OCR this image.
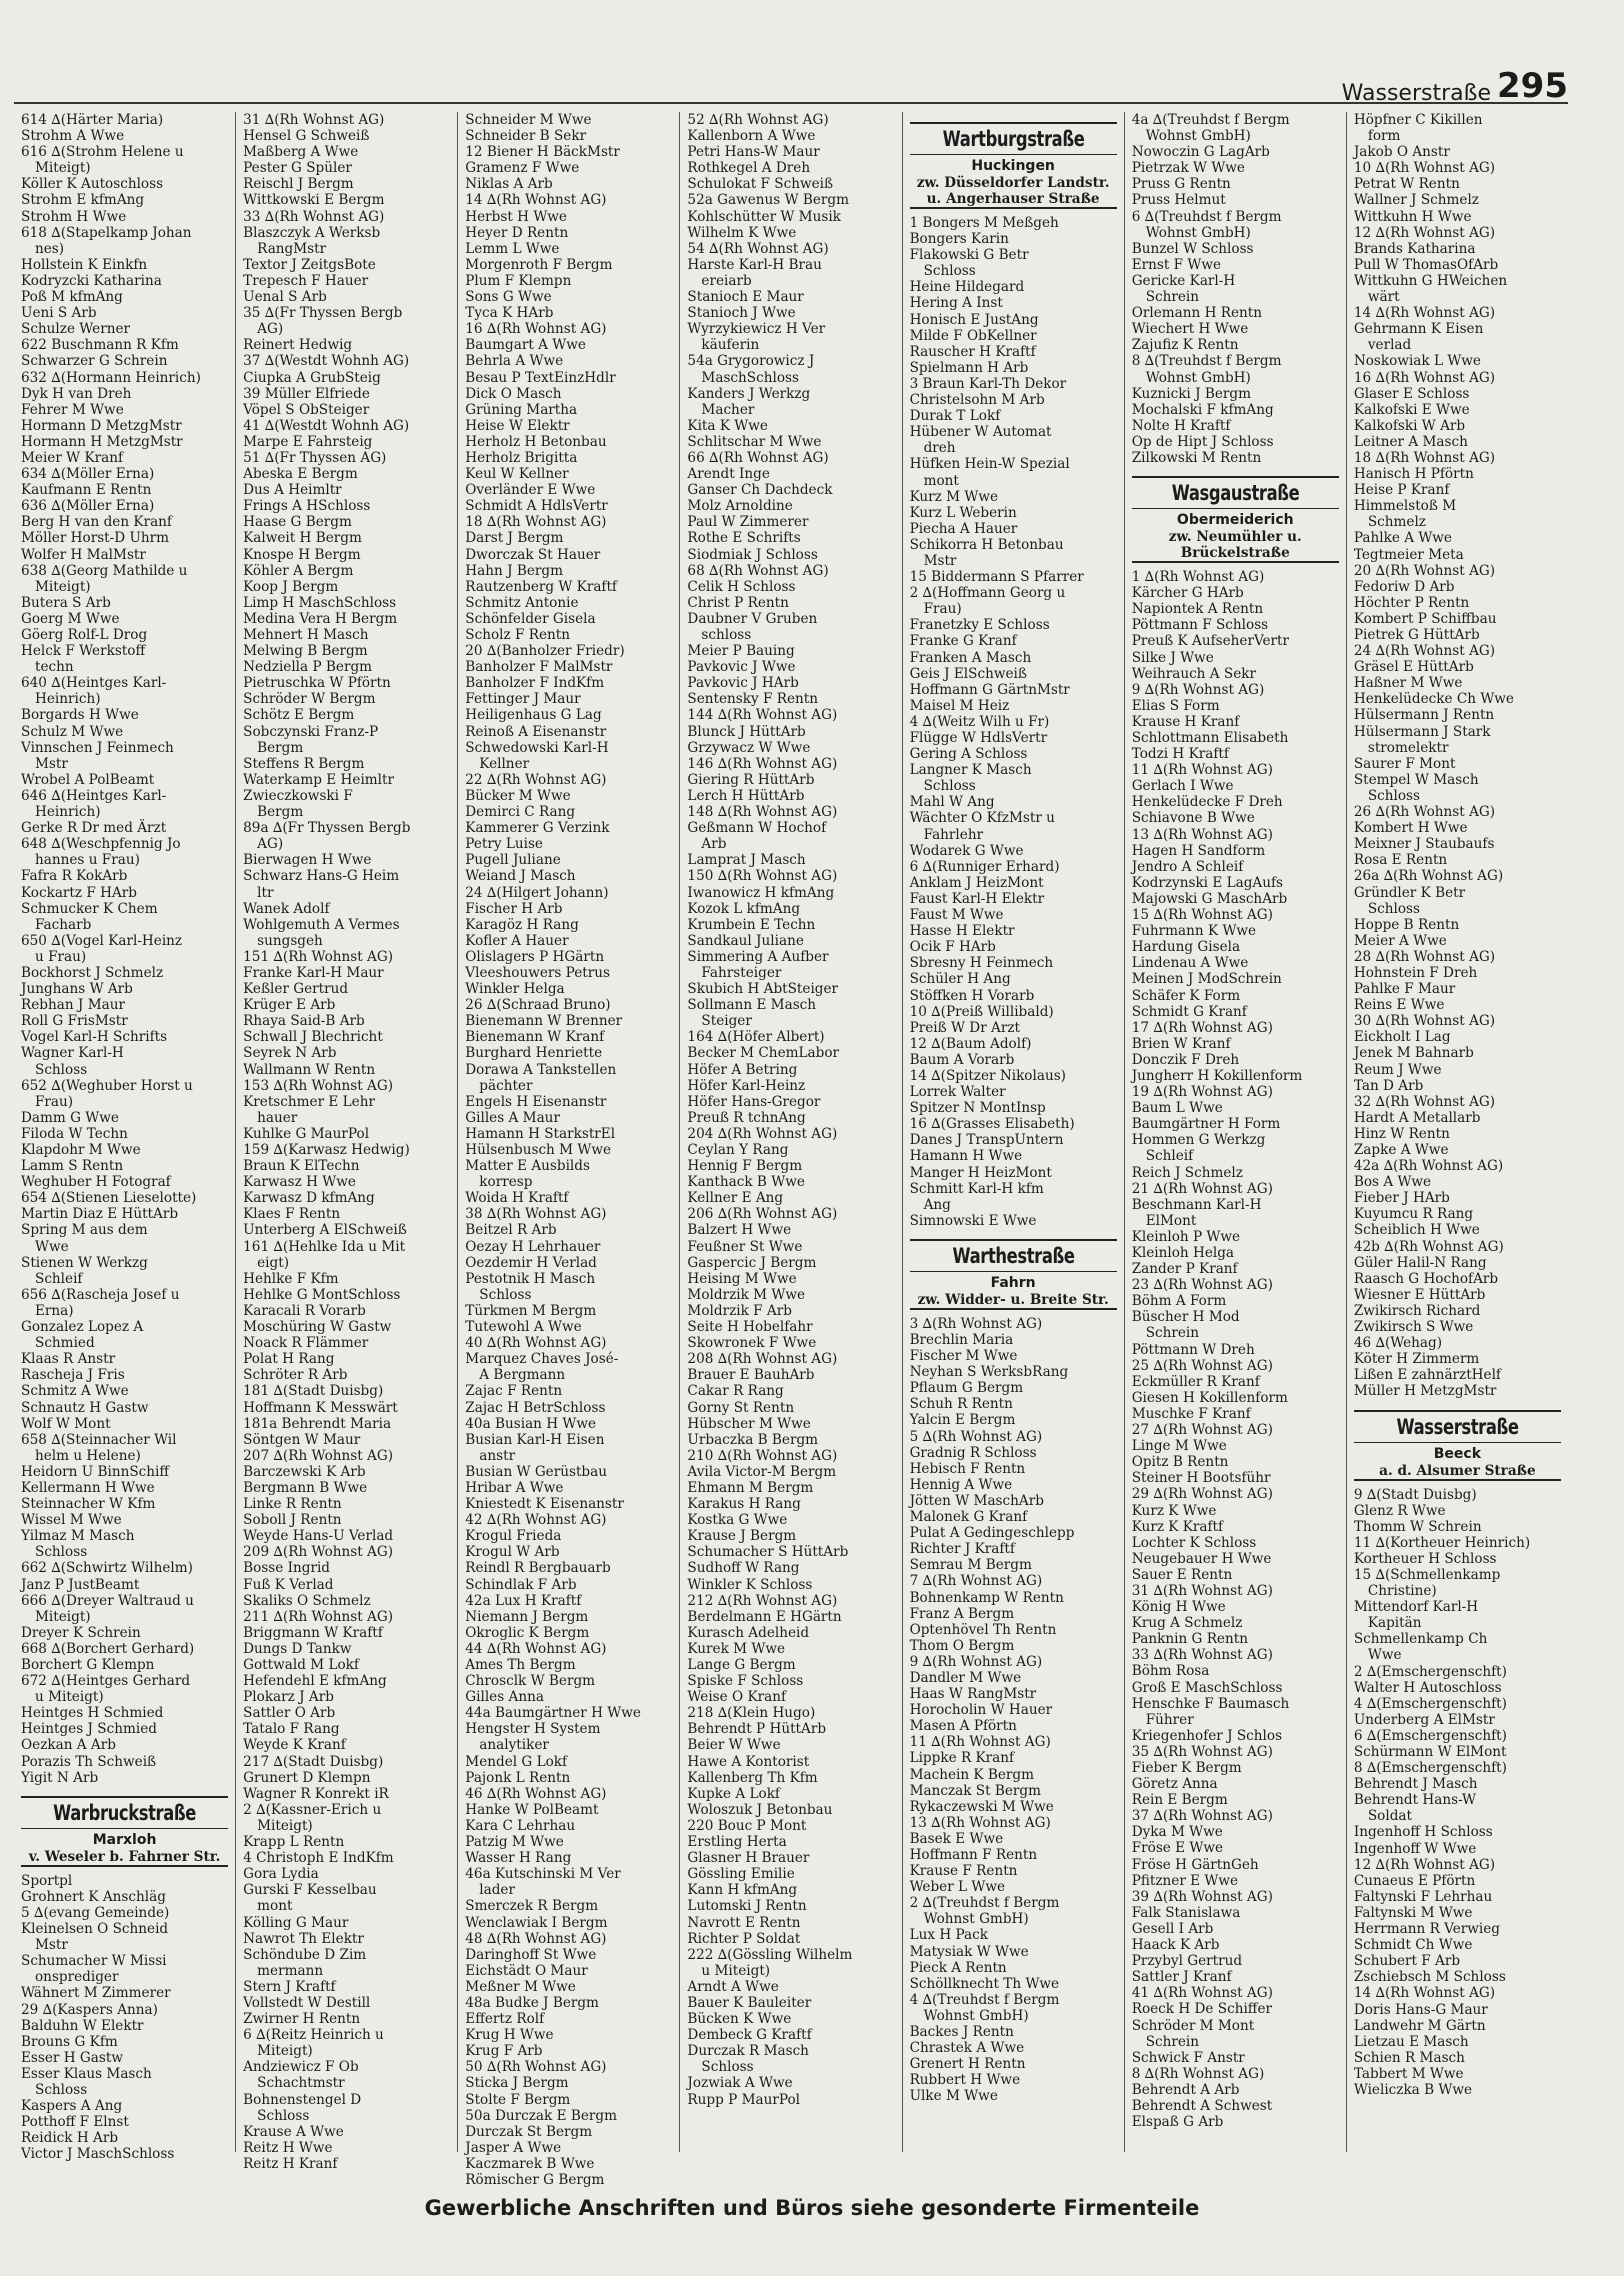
Wasserstraße 295
614 ∆(Härter Maria)
Strohm A Wwe
616 ∆(Strohm Helene u
Miteigt)
Köller K Autoschloss
Strohm E kfmAng
Strohm H Wwe
618 ∆(Stapelkamp Johan
nes)
Hollstein K Einkfn
Kodryzcki Katharina
Poß M kfmAng
Ueni S Arb
Schulze Werner
622 Buschmann R Kfm
Schwarzer G Schrein
632 ∆(Hormann Heinrich)
Dyk H van Dreh
Fehrer M Wwe
Hormann D MetzgMstr
Hormann H MetzgMstr
Meier W Kranf
634 ∆(Möller Erna)
Kaufmann E Rentn
636 ∆(Möller Erna)
Berg H van den Kranf
Möller Horst-D Uhrm
Wolfer H MalMstr
638 ∆(Georg Mathilde u
Miteigt)
Butera S Arb
Goerg M Wwe
Göerg Rolf-L Drog
Helck F Werkstoff
techn
640 ∆(Heintges Karl-
Heinrich)
Borgards H Wwe
Schulz M Wwe
Vinnschen J Feinmech
Mstr
Wrobel A PolBeamt
646 ∆(Heintges Karl-
Heinrich)
Gerke R Dr med Ärzt
648 ∆(Weschpfennig Jo
hannes u Frau)
Fafra R KokArb
Kockartz F HArb
Schmucker K Chem
Facharb
650 ∆(Vogel Karl-Heinz
u Frau)
Bockhorst J Schmelz
Junghans W Arb
Rebhan J Maur
Roll G FrisMstr
Vogel Karl-H Schrifts
Wagner Karl-H
Schloss
652 ∆(Weghuber Horst u
Frau)
Damm G Wwe
Filoda W Techn
Klapdohr M Wwe
Lamm S Rentn
Weghuber H Fotograf
654 ∆(Stienen Lieselotte)
Martin Diaz E HüttArb
Spring M aus dem
Wwe
Stienen W Werkzg
Schleif
656 ∆(Rascheja Josef u
Erna)
Gonzalez Lopez A
Schmied
Klaas R Anstr
Rascheja J Fris
Schmitz A Wwe
Schnautz H Gastw
Wolf W Mont
658 ∆(Steinnacher Wil
helm u Helene)
Heidorn U BinnSchiff
Kellermann H Wwe
Steinnacher W Kfm
Wissel M Wwe
Yilmaz M Masch
Schloss
662 ∆(Schwirtz Wilhelm)
Janz P JustBeamt
666 ∆(Dreyer Waltraud u
Miteigt)
Dreyer K Schrein
668 ∆(Borchert Gerhard)
Borchert G Klempn
672 ∆(Heintges Gerhard
u Miteigt)
Heintges H Schmied
Heintges J Schmied
Oezkan A Arb
Porazis Th Schweiß
Yigit N Arb
Warbruckstraße
Marxloh
v. Weseler b. Fahrner Str.
Sportpl
Grohnert K Anschläg
5 ∆(evang Gemeinde)
Kleinelsen O Schneid
Mstr
Schumacher W Missi
onsprediger
Wähnert M Zimmerer
29 ∆(Kaspers Anna)
Balduhn W Elektr
Brouns G Kfm
Esser H Gastw
Esser Klaus Masch
Schloss
Kaspers A Ang
Potthoff F Elnst
Reidick H Arb
Victor J MaschSchloss
31 ∆(Rh Wohnst AG)
Hensel G Schweiß
Maßberg A Wwe
Pester G Spüler
Reischl J Bergm
Wittkowski E Bergm
33 ∆(Rh Wohnst AG)
Blaszczyk A Werksb
RangMstr
Textor J ZeitgsBote
Trepesch F Hauer
Uenal S Arb
35 ∆(Fr Thyssen Bergb
AG)
Reinert Hedwig
37 ∆(Westdt Wohnh AG)
Ciupka A GrubSteig
39 Müller Elfriede
Vöpel S ObSteiger
41 ∆(Westdt Wohnh AG)
Marpe E Fahrsteig
51 ∆(Fr Thyssen AG)
Abeska E Bergm
Dus A Heimltr
Frings A HSchloss
Haase G Bergm
Kalweit H Bergm
Knospe H Bergm
Köhler A Bergm
Koop J Bergm
Limp H MaschSchloss
Medina Vera H Bergm
Mehnert H Masch
Melwing B Bergm
Nedziella P Bergm
Pietruschka W Pförtn
Schröder W Bergm
Schötz E Bergm
Sobczynski Franz-P
Bergm
Steffens R Bergm
Waterkamp E Heimltr
Zwieczkowski F
Bergm
89a ∆(Fr Thyssen Bergb
AG)
Bierwagen H Wwe
Schwarz Hans-G Heim
ltr
Wanek Adolf
Wohlgemuth A Vermes
sungsgeh
151 ∆(Rh Wohnst AG)
Franke Karl-H Maur
Keßler Gertrud
Krüger E Arb
Rhaya Said-B Arb
Schwall J Blechricht
Seyrek N Arb
Wallmann W Rentn
153 ∆(Rh Wohnst AG)
Kretschmer E Lehr
hauer
Kuhlke G MaurPol
159 ∆(Karwasz Hedwig)
Braun K ElTechn
Karwasz H Wwe
Karwasz D kfmAng
Klaes F Rentn
Unterberg A ElSchweiß
161 ∆(Hehlke Ida u Mit
eigt)
Hehlke F Kfm
Hehlke G MontSchloss
Karacali R Vorarb
Moschüring W Gastw
Noack R Flämmer
Polat H Rang
Schröter R Arb
181 ∆(Stadt Duisbg)
Hoffmann K Messwärt
181a Behrendt Maria
Söntgen W Maur
207 ∆(Rh Wohnst AG)
Barczewski K Arb
Bergmann B Wwe
Linke R Rentn
Soboll J Rentn
Weyde Hans-U Verlad
209 ∆(Rh Wohnst AG)
Bosse Ingrid
Fuß K Verlad
Skaliks O Schmelz
211 ∆(Rh Wohnst AG)
Briggmann W Kraftf
Dungs D Tankw
Gottwald M Lokf
Hefendehl E kfmAng
Plokarz J Arb
Sattler O Arb
Tatalo F Rang
Weyde K Kranf
217 ∆(Stadt Duisbg)
Grunert D Klempn
Wagner R Konrekt iR
2 ∆(Kassner-Erich u
Miteigt)
Krapp L Rentn
4 Christoph E IndKfm
Gora Lydia
Gurski F Kesselbau
mont
Kölling G Maur
Nawrot Th Elektr
Schöndube D Zim
mermann
Stern J Kraftf
Vollstedt W Destill
Zwirner H Rentn
6 ∆(Reitz Heinrich u
Miteigt)
Andziewicz F Ob
Schachtmstr
Bohnenstengel D
Schloss
Krause A Wwe
Reitz H Wwe
Reitz H Kranf
Schneider M Wwe
Schneider B Sekr
12 Biener H BäckMstr
Gramenz F Wwe
Niklas A Arb
14 ∆(Rh Wohnst AG)
Herbst H Wwe
Heyer D Rentn
Lemm L Wwe
Morgenroth F Bergm
Plum F Klempn
Sons G Wwe
Tyca K HArb
16 ∆(Rh Wohnst AG)
Baumgart A Wwe
Behrla A Wwe
Besau P TextEinzHdlr
Dick O Masch
Grüning Martha
Heise W Elektr
Herholz H Betonbau
Herholz Brigitta
Keul W Kellner
Overländer E Wwe
Schmidt A HdlsVertr
18 ∆(Rh Wohnst AG)
Darst J Bergm
Dworczak St Hauer
Hahn J Bergm
Rautzenberg W Kraftf
Schmitz Antonie
Schönfelder Gisela
Scholz F Rentn
20 ∆(Banholzer Friedr)
Banholzer F MalMstr
Banholzer F IndKfm
Fettinger J Maur
Heiligenhaus G Lag
Reinoß A Eisenanstr
Schwedowski Karl-H
Kellner
22 ∆(Rh Wohnst AG)
Bücker M Wwe
Demirci C Rang
Kammerer G Verzink
Petry Luise
Pugell Juliane
Weiand J Masch
24 ∆(Hilgert Johann)
Fischer H Arb
Karagöz H Rang
Kofler A Hauer
Olislagers P HGärtn
Vleeshouwers Petrus
Winkler Helga
26 ∆(Schraad Bruno)
Bienemann W Brenner
Bienemann W Kranf
Burghard Henriette
Dorawa A Tankstellen
pächter
Engels H Eisenanstr
Gilles A Maur
Hamann H StarkstrEl
Hülsenbusch M Wwe
Matter E Ausbilds
korresp
Woida H Kraftf
38 ∆(Rh Wohnst AG)
Beitzel R Arb
Oezay H Lehrhauer
Oezdemir H Verlad
Pestotnik H Masch
Schloss
Türkmen M Bergm
Tutewohl A Wwe
40 ∆(Rh Wohnst AG)
Marquez Chaves José-
A Bergmann
Zajac F Rentn
Zajac H BetrSchloss
40a Busian H Wwe
Busian Karl-H Eisen
anstr
Busian W Gerüstbau
Hribar A Wwe
Kniestedt K Eisenanstr
42 ∆(Rh Wohnst AG)
Krogul Frieda
Krogul W Arb
Reindl R Bergbauarb
Schindlak F Arb
42a Lux H Kraftf
Niemann J Bergm
Okroglic K Bergm
44 ∆(Rh Wohnst AG)
Ames Th Bergm
Chrosclk W Bergm
Gilles Anna
44a Baumgärtner H Wwe
Hengster H System
analytiker
Mendel G Lokf
Pajonk L Rentn
46 ∆(Rh Wohnst AG)
Hanke W PolBeamt
Kara C Lehrhau
Patzig M Wwe
Wasser H Rang
46a Kutschinski M Ver
lader
Smerczek R Bergm
Wenclawiak I Bergm
48 ∆(Rh Wohnst AG)
Daringhoff St Wwe
Eichstädt O Maur
Meßner M Wwe
48a Budke J Bergm
Effertz Rolf
Krug H Wwe
Krug F Arb
50 ∆(Rh Wohnst AG)
Sticka J Bergm
Stolte F Bergm
50a Durczak E Bergm
Durczak St Bergm
Jasper A Wwe
Kaczmarek B Wwe
Römischer G Bergm
52 ∆(Rh Wohnst AG)
Kallenborn A Wwe
Petri Hans-W Maur
Rothkegel A Dreh
Schulokat F Schweiß
52a Gawenus W Bergm
Kohlschütter W Musik
Wilhelm K Wwe
54 ∆(Rh Wohnst AG)
Harste Karl-H Brau
ereiarb
Stanioch E Maur
Stanioch J Wwe
Wyrzykiewicz H Ver
käuferin
54a Grygorowicz J
MaschSchloss
Kanders J Werkzg
Macher
Kita K Wwe
Schlitschar M Wwe
66 ∆(Rh Wohnst AG)
Arendt Inge
Ganser Ch Dachdeck
Molz Arnoldine
Paul W Zimmerer
Rothe E Schrifts
Siodmiak J Schloss
68 ∆(Rh Wohnst AG)
Celik H Schloss
Christ P Rentn
Daubner V Gruben
schloss
Meier P Bauing
Pavkovic J Wwe
Pavkovic J HArb
Sentensky F Rentn
144 ∆(Rh Wohnst AG)
Blunck J HüttArb
Grzywacz W Wwe
146 ∆(Rh Wohnst AG)
Giering R HüttArb
Lerch H HüttArb
148 ∆(Rh Wohnst AG)
Geßmann W Hochof
Arb
Lamprat J Masch
150 ∆(Rh Wohnst AG)
Iwanowicz H kfmAng
Kozok L kfmAng
Krumbein E Techn
Sandkaul Juliane
Simmering A Aufber
Fahrsteiger
Skubich H AbtSteiger
Sollmann E Masch
Steiger
164 ∆(Höfer Albert)
Becker M ChemLabor
Höfer A Betring
Höfer Karl-Heinz
Höfer Hans-Gregor
Preuß R tchnAng
204 ∆(Rh Wohnst AG)
Ceylan Y Rang
Hennig F Bergm
Kanthack B Wwe
Kellner E Ang
206 ∆(Rh Wohnst AG)
Balzert H Wwe
Feußner St Wwe
Gaspercic J Bergm
Heising M Wwe
Moldrzik M Wwe
Moldrzik F Arb
Seite H Hobelfahr
Skowronek F Wwe
208 ∆(Rh Wohnst AG)
Brauer E BauhArb
Cakar R Rang
Gorny St Rentn
Hübscher M Wwe
Urbaczka B Bergm
210 ∆(Rh Wohnst AG)
Avila Victor-M Bergm
Ehmann M Bergm
Karakus H Rang
Kostka G Wwe
Krause J Bergm
Schumacher S HüttArb
Sudhoff W Rang
Winkler K Schloss
212 ∆(Rh Wohnst AG)
Berdelmann E HGärtn
Kurasch Adelheid
Kurek M Wwe
Lange G Bergm
Spiske F Schloss
Weise O Kranf
218 ∆(Klein Hugo)
Behrendt P HüttArb
Beier W Wwe
Hawe A Kontorist
Kallenberg Th Kfm
Kupke A Lokf
Woloszuk J Betonbau
220 Bouc P Mont
Erstling Herta
Glasner H Brauer
Gössling Emilie
Kann H kfmAng
Lutomski J Rentn
Navrott E Rentn
Richter P Soldat
222 ∆(Gössling Wilhelm
u Miteigt)
Arndt A Wwe
Bauer K Bauleiter
Bücken K Wwe
Dembeck G Kraftf
Durczak R Masch
Schloss
Jozwiak A Wwe
Rupp P MaurPol
Wartburgstraße
Huckingen
zw. Düsseldorfer Landstr. u. Angerhauser Straße
1 Bongers M Meßgeh
Bongers Karin
Flakowski G Betr
Schloss
Heine Hildegard
Hering A Inst
Honisch E JustAng
Milde F ObKellner
Rauscher H Kraftf
Spielmann H Arb
3 Braun Karl-Th Dekor
Christelsohn M Arb
Durak T Lokf
Hübener W Automat
dreh
Hüfken Hein-W Spezial
mont
Kurz M Wwe
Kurz L Weberin
Piecha A Hauer
Schikorra H Betonbau
Mstr
15 Biddermann S Pfarrer
2 ∆(Hoffmann Georg u
Frau)
Franetzky E Schloss
Franke G Kranf
Franken A Masch
Geis J ElSchweiß
Hoffmann G GärtnMstr
Maisel M Heiz
4 ∆(Weitz Wilh u Fr)
Flügge W HdlsVertr
Gering A Schloss
Langner K Masch
Schloss
Mahl W Ang
Wächter O KfzMstr u
Fahrlehr
Wodarek G Wwe
6 ∆(Runniger Erhard)
Anklam J HeizMont
Faust Karl-H Elektr
Faust M Wwe
Hasse H Elektr
Ocik F HArb
Sbresny H Feinmech
Schüler H Ang
Stöffken H Vorarb
10 ∆(Preiß Willibald)
Preiß W Dr Arzt
12 ∆(Baum Adolf)
Baum A Vorarb
14 ∆(Spitzer Nikolaus)
Lorrek Walter
Spitzer N MontInsp
16 ∆(Grasses Elisabeth)
Danes J TranspUntern
Hamann H Wwe
Manger H HeizMont
Schmitt Karl-H kfm
Ang
Simnowski E Wwe
Warthestraße
Fahrn
zw. Widder- u. Breite Str.
3 ∆(Rh Wohnst AG)
Brechlin Maria
Fischer M Wwe
Neyhan S WerksbRang
Pflaum G Bergm
Schuh R Rentn
Yalcin E Bergm
5 ∆(Rh Wohnst AG)
Gradnig R Schloss
Hebisch F Rentn
Hennig A Wwe
Jötten W MaschArb
Malonek G Kranf
Pulat A Gedingeschlepp
Richter J Kraftf
Semrau M Bergm
7 ∆(Rh Wohnst AG)
Bohnenkamp W Rentn
Franz A Bergm
Optenhövel Th Rentn
Thom O Bergm
9 ∆(Rh Wohnst AG)
Dandler M Wwe
Haas W RangMstr
Horocholin W Hauer
Masen A Pförtn
11 ∆(Rh Wohnst AG)
Lippke R Kranf
Machein K Bergm
Manczak St Bergm
Rykaczewski M Wwe
13 ∆(Rh Wohnst AG)
Basek E Wwe
Hoffmann F Rentn
Krause F Rentn
Weber L Wwe
2 ∆(Treuhdst f Bergm
Wohnst GmbH)
Lux H Pack
Matysiak W Wwe
Pieck A Rentn
Schöllknecht Th Wwe
4 ∆(Treuhdst f Bergm
Wohnst GmbH)
Backes J Rentn
Chrastek A Wwe
Grenert H Rentn
Rubbert H Wwe
Ulke M Wwe
4a ∆(Treuhdst f Bergm
Wohnst GmbH)
Nowoczin G LagArb
Pietrzak W Wwe
Pruss G Rentn
Pruss Helmut
6 ∆(Treuhdst f Bergm
Wohnst GmbH)
Bunzel W Schloss
Ernst F Wwe
Gericke Karl-H
Schrein
Orlemann H Rentn
Wiechert H Wwe
Zajufiz K Rentn
8 ∆(Treuhdst f Bergm
Wohnst GmbH)
Kuznicki J Bergm
Mochalski F kfmAng
Nolte H Kraftf
Op de Hipt J Schloss
Zilkowski M Rentn
Wasgaustraße
Obermeiderich
zw. Neumühler u. Brückelstraße
1 ∆(Rh Wohnst AG)
Kärcher G HArb
Napiontek A Rentn
Pöttmann F Schloss
Preuß K AufseherVertr
Silke J Wwe
Weihrauch A Sekr
9 ∆(Rh Wohnst AG)
Elias S Form
Krause H Kranf
Schlottmann Elisabeth
Todzi H Kraftf
11 ∆(Rh Wohnst AG)
Gerlach I Wwe
Henkelüdecke F Dreh
Schiavone B Wwe
13 ∆(Rh Wohnst AG)
Hagen H Sandform
Jendro A Schleif
Kodrzynski E LagAufs
Majowski G MaschArb
15 ∆(Rh Wohnst AG)
Fuhrmann K Wwe
Hardung Gisela
Lindenau A Wwe
Meinen J ModSchrein
Schäfer K Form
Schmidt G Kranf
17 ∆(Rh Wohnst AG)
Brien W Kranf
Donczik F Dreh
Jungherr H Kokillenform
19 ∆(Rh Wohnst AG)
Baum L Wwe
Baumgärtner H Form
Hommen G Werkzg
Schleif
Reich J Schmelz
21 ∆(Rh Wohnst AG)
Beschmann Karl-H
ElMont
Kleinloh P Wwe
Kleinloh Helga
Zander P Kranf
23 ∆(Rh Wohnst AG)
Böhm A Form
Büscher H Mod
Schrein
Pöttmann W Dreh
25 ∆(Rh Wohnst AG)
Eckmüller R Kranf
Giesen H Kokillenform
Muschke F Kranf
27 ∆(Rh Wohnst AG)
Linge M Wwe
Opitz B Rentn
Steiner H Bootsführ
29 ∆(Rh Wohnst AG)
Kurz K Wwe
Kurz K Kraftf
Lochter K Schloss
Neugebauer H Wwe
Sauer E Rentn
31 ∆(Rh Wohnst AG)
König H Wwe
Krug A Schmelz
Panknin G Rentn
33 ∆(Rh Wohnst AG)
Böhm Rosa
Groß E MaschSchloss
Henschke F Baumasch
Führer
Kriegenhofer J Schlos
35 ∆(Rh Wohnst AG)
Fieber K Bergm
Göretz Anna
Rein E Bergm
37 ∆(Rh Wohnst AG)
Dyka M Wwe
Fröse E Wwe
Fröse H GärtnGeh
Pfitzner E Wwe
39 ∆(Rh Wohnst AG)
Falk Stanislawa
Gesell I Arb
Haack K Arb
Przybyl Gertrud
Sattler J Kranf
41 ∆(Rh Wohnst AG)
Roeck H De Schiffer
Schröder M Mont
Schrein
Schwick F Anstr
8 ∆(Rh Wohnst AG)
Behrendt A Arb
Behrendt A Schwest
Elspaß G Arb
Höpfner C Kikillen
form
Jakob O Anstr
10 ∆(Rh Wohnst AG)
Petrat W Rentn
Wallner J Schmelz
Wittkuhn H Wwe
12 ∆(Rh Wohnst AG)
Brands Katharina
Pull W ThomasOfArb
Wittkuhn G HWeichen
wärt
14 ∆(Rh Wohnst AG)
Gehrmann K Eisen
verlad
Noskowiak L Wwe
16 ∆(Rh Wohnst AG)
Glaser E Schloss
Kalkofski E Wwe
Kalkofski W Arb
Leitner A Masch
18 ∆(Rh Wohnst AG)
Hanisch H Pförtn
Heise P Kranf
Himmelstoß M
Schmelz
Pahlke A Wwe
Tegtmeier Meta
20 ∆(Rh Wohnst AG)
Fedoriw D Arb
Höchter P Rentn
Kombert P Schiffbau
Pietrek G HüttArb
24 ∆(Rh Wohnst AG)
Gräsel E HüttArb
Haßner M Wwe
Henkelüdecke Ch Wwe
Hülsermann J Rentn
Hülsermann J Stark
stromelektr
Saurer F Mont
Stempel W Masch
Schloss
26 ∆(Rh Wohnst AG)
Kombert H Wwe
Meixner J Staubaufs
Rosa E Rentn
26a ∆(Rh Wohnst AG)
Gründler K Betr
Schloss
Hoppe B Rentn
Meier A Wwe
28 ∆(Rh Wohnst AG)
Hohnstein F Dreh
Pahlke F Maur
Reins E Wwe
30 ∆(Rh Wohnst AG)
Eickholt I Lag
Jenek M Bahnarb
Reum J Wwe
Tan D Arb
32 ∆(Rh Wohnst AG)
Hardt A Metallarb
Hinz W Rentn
Zapke A Wwe
42a ∆(Rh Wohnst AG)
Bos A Wwe
Fieber J HArb
Kuyumcu R Rang
Scheiblich H Wwe
42b ∆(Rh Wohnst AG)
Güler Halil-N Rang
Raasch G HochofArb
Wiesner E HüttArb
Zwikirsch Richard
Zwikirsch S Wwe
46 ∆(Wehag)
Köter H Zimmerm
Lißen E zahnärztHelf
Müller H MetzgMstr
Wasserstraße
Beeck
a. d. Alsumer Straße
9 ∆(Stadt Duisbg)
Glenz R Wwe
Thomm W Schrein
11 ∆(Kortheuer Heinrich)
Kortheuer H Schloss
15 ∆(Schmellenkamp
Christine)
Mittendorf Karl-H
Kapitän
Schmellenkamp Ch
Wwe
2 ∆(Emschergenschft)
Walter H Autoschloss
4 ∆(Emschergenschft)
Underberg A ElMstr
6 ∆(Emschergenschft)
Schürmann W ElMont
8 ∆(Emschergenschft)
Behrendt J Masch
Behrendt Hans-W
Soldat
Ingenhoff H Schloss
Ingenhoff W Wwe
12 ∆(Rh Wohnst AG)
Cunaeus E Pförtn
Faltynski F Lehrhau
Faltynski M Wwe
Herrmann R Verwieg
Schmidt Ch Wwe
Schubert F Arb
Zschiebsch M Schloss
14 ∆(Rh Wohnst AG)
Doris Hans-G Maur
Landwehr M Gärtn
Lietzau E Masch
Schien R Masch
Tabbert M Wwe
Wieliczka B Wwe
Gewerbliche Anschriften und Büros siehe gesonderte Firmenteile
